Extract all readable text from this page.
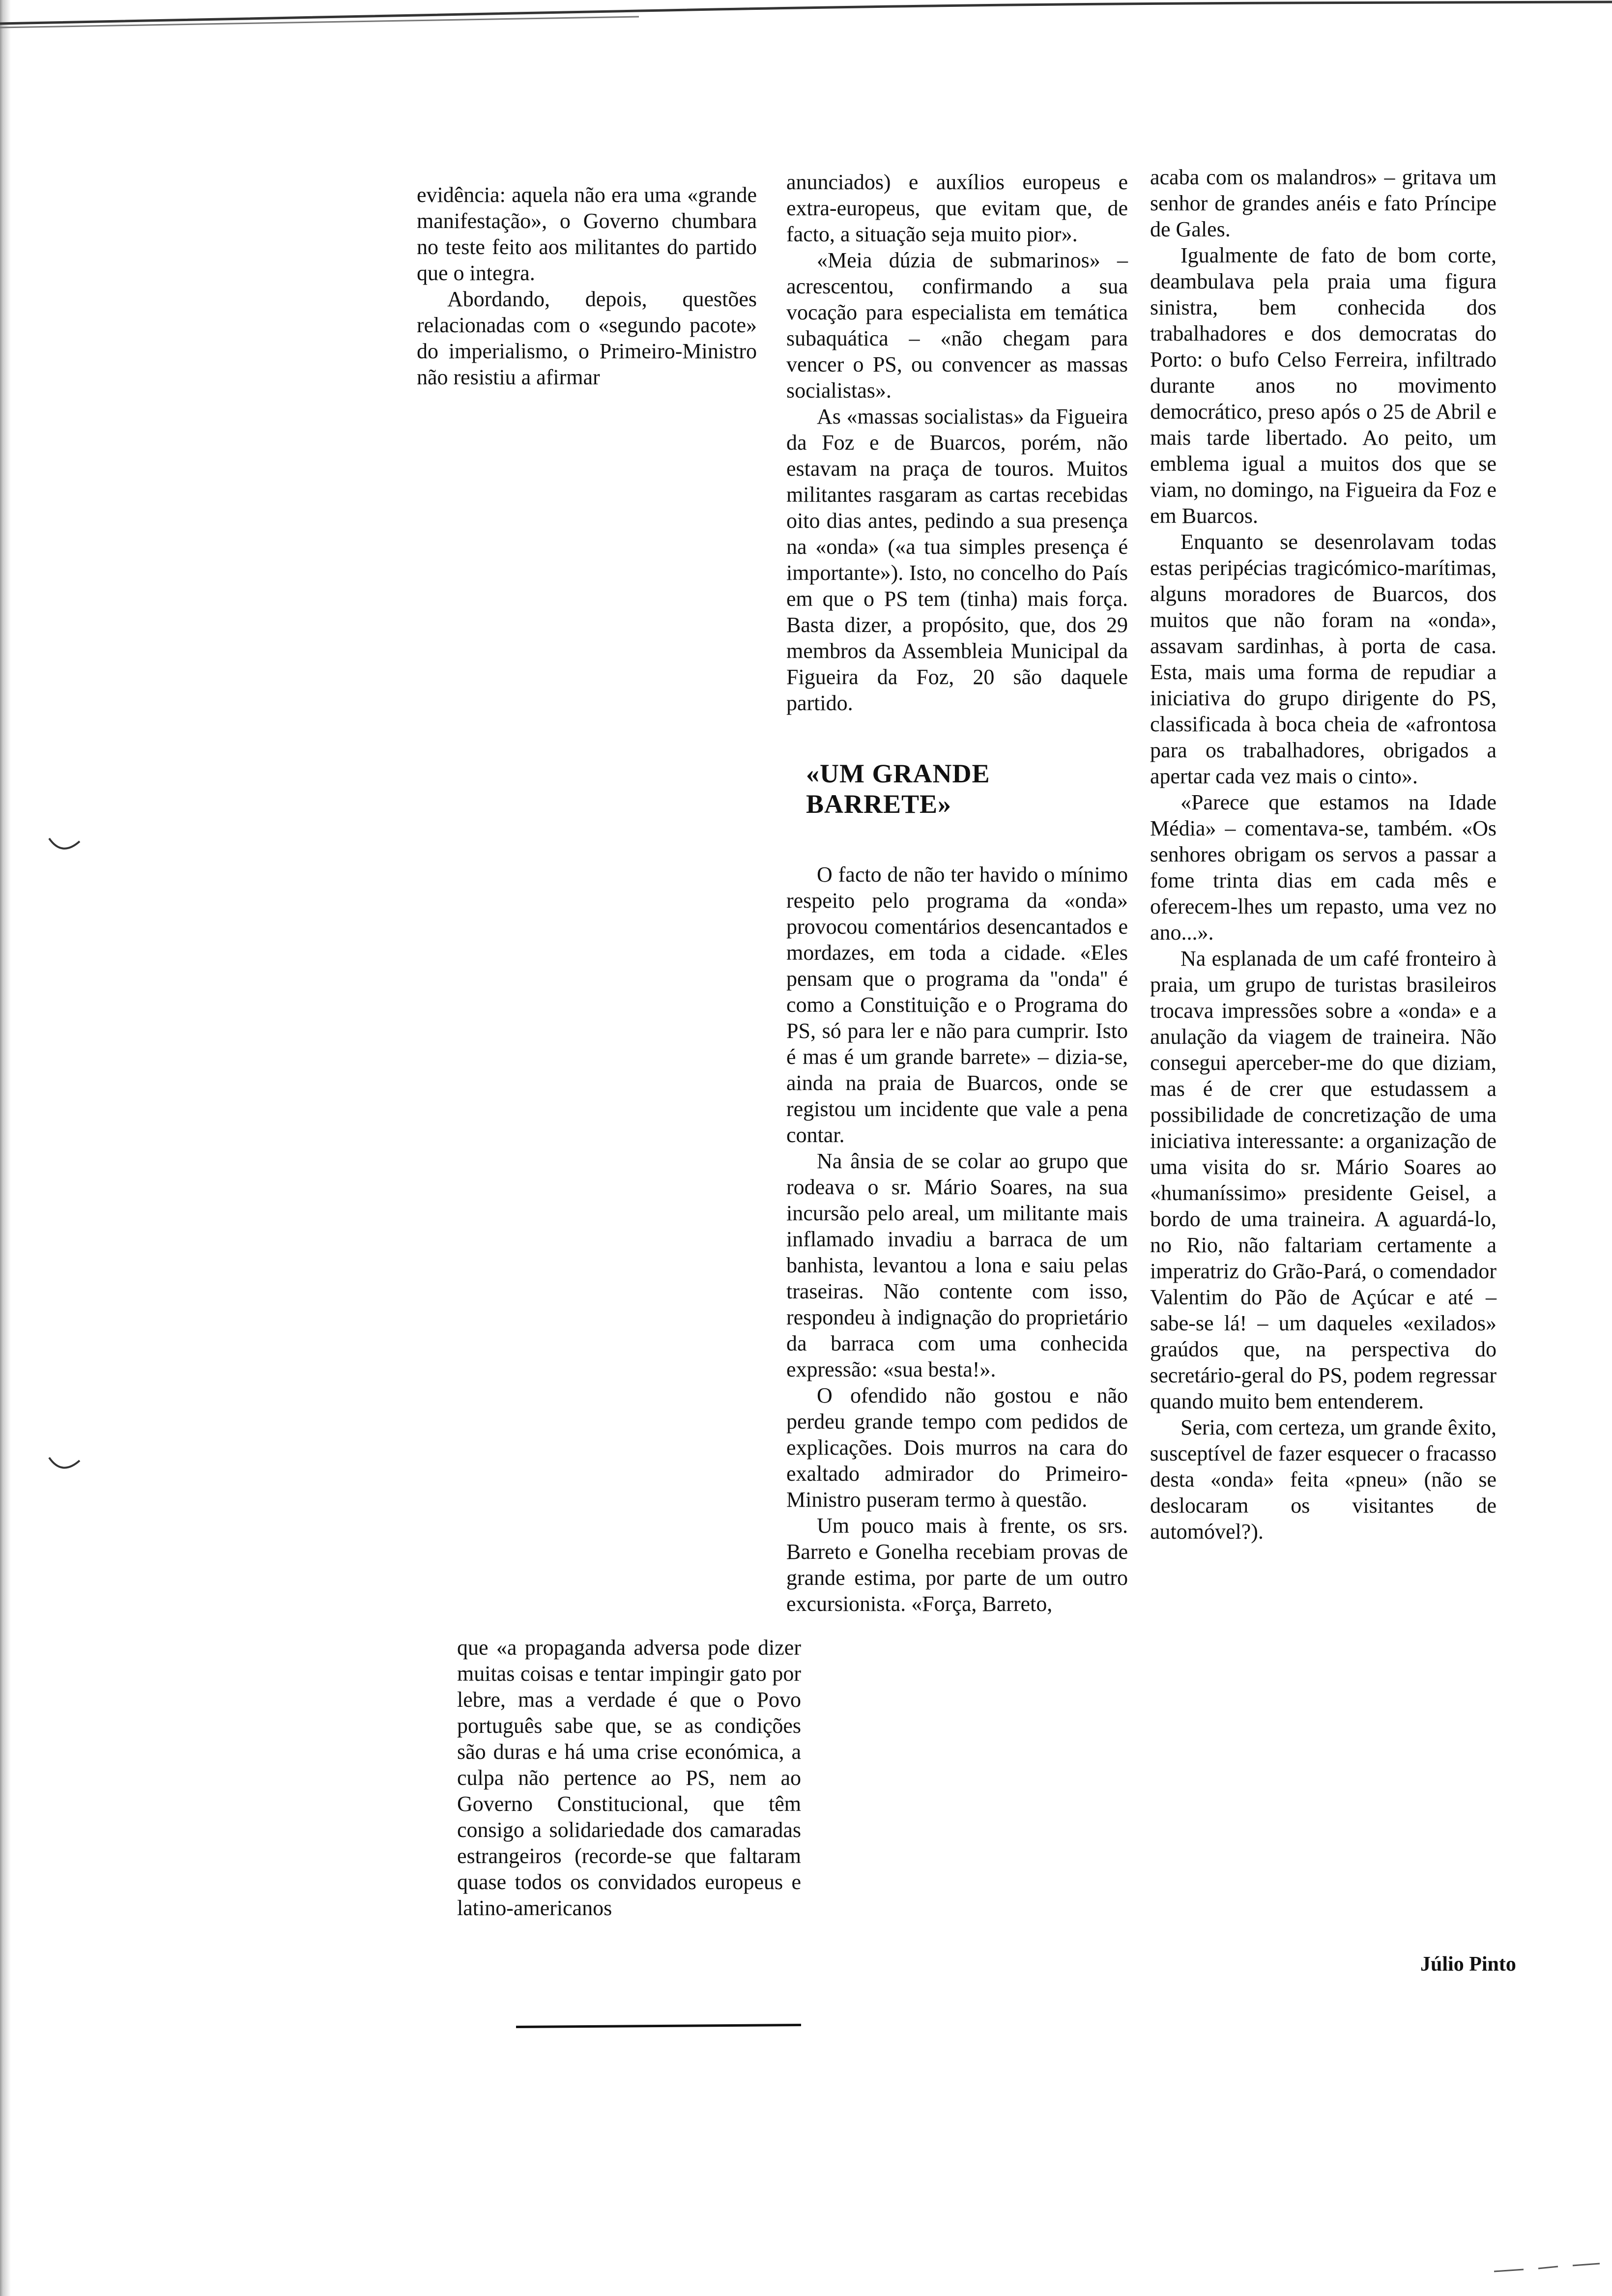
evidência: aquela não era uma «grande manifestação», o Governo chumbara no teste feito aos militantes do partido que o integra.

Abordando, depois, questões relacionadas com o «segundo pacote» do imperialismo, o Primeiro-Ministro não resistiu a afirmar

que «a propaganda adversa pode dizer muitas coisas e tentar impingir gato por lebre, mas a verdade é que o Povo português sabe que, se as condições são duras e há uma crise económica, a culpa não pertence ao PS, nem ao Governo Constitucional, que têm consigo a solidariedade dos camaradas estrangeiros (recorde-se que faltaram quase todos os convidados europeus e latino-americanos

anunciados) e auxílios europeus e extra-europeus, que evitam que, de facto, a situação seja muito pior».

«Meia dúzia de submarinos» – acrescentou, confirmando a sua vocação para especialista em temática subaquática – «não chegam para vencer o PS, ou convencer as massas socialistas».

As «massas socialistas» da Figueira da Foz e de Buarcos, porém, não estavam na praça de touros. Muitos militantes rasgaram as cartas recebidas oito dias antes, pedindo a sua presença na «onda» («a tua simples presença é importante»). Isto, no concelho do País em que o PS tem (tinha) mais força. Basta dizer, a propósito, que, dos 29 membros da Assembleia Municipal da Figueira da Foz, 20 são daquele partido.

«UM GRANDE BARRETE»

O facto de não ter havido o mínimo respeito pelo programa da «onda» provocou comentários desencantados e mordazes, em toda a cidade. «Eles pensam que o programa da ''onda'' é como a Constituição e o Programa do PS, só para ler e não para cumprir. Isto é mas é um grande barrete» – dizia-se, ainda na praia de Buarcos, onde se registou um incidente que vale a pena contar.

Na ânsia de se colar ao grupo que rodeava o sr. Mário Soares, na sua incursão pelo areal, um militante mais inflamado invadiu a barraca de um banhista, levantou a lona e saiu pelas traseiras. Não contente com isso, respondeu à indignação do proprietário da barraca com uma conhecida expressão: «sua besta!».

O ofendido não gostou e não perdeu grande tempo com pedidos de explicações. Dois murros na cara do exaltado admirador do Primeiro-Ministro puseram termo à questão.

Um pouco mais à frente, os srs. Barreto e Gonelha recebiam provas de grande estima, por parte de um outro excursionista. «Força, Barreto,

acaba com os malandros» – gritava um senhor de grandes anéis e fato Príncipe de Gales.

Igualmente de fato de bom corte, deambulava pela praia uma figura sinistra, bem conhecida dos trabalhadores e dos democratas do Porto: o bufo Celso Ferreira, infiltrado durante anos no movimento democrático, preso após o 25 de Abril e mais tarde libertado. Ao peito, um emblema igual a muitos dos que se viam, no domingo, na Figueira da Foz e em Buarcos.

Enquanto se desenrolavam todas estas peripécias tragicómico-marítimas, alguns moradores de Buarcos, dos muitos que não foram na «onda», assavam sardinhas, à porta de casa. Esta, mais uma forma de repudiar a iniciativa do grupo dirigente do PS, classificada à boca cheia de «afrontosa para os trabalhadores, obrigados a apertar cada vez mais o cinto».

«Parece que estamos na Idade Média» – comentava-se, também. «Os senhores obrigam os servos a passar a fome trinta dias em cada mês e oferecem-lhes um repasto, uma vez no ano...».

Na esplanada de um café fronteiro à praia, um grupo de turistas brasileiros trocava impressões sobre a «onda» e a anulação da viagem de traineira. Não consegui aperceber-me do que diziam, mas é de crer que estudassem a possibilidade de concretização de uma iniciativa interessante: a organização de uma visita do sr. Mário Soares ao «humaníssimo» presidente Geisel, a bordo de uma traineira. A aguardá-lo, no Rio, não faltariam certamente a imperatriz do Grão-Pará, o comendador Valentim do Pão de Açúcar e até – sabe-se lá! – um daqueles «exilados» graúdos que, na perspectiva do secretário-geral do PS, podem regressar quando muito bem entenderem.

Seria, com certeza, um grande êxito, susceptível de fazer esquecer o fracasso desta «onda» feita «pneu» (não se deslocaram os visitantes de automóvel?).

Júlio Pinto
